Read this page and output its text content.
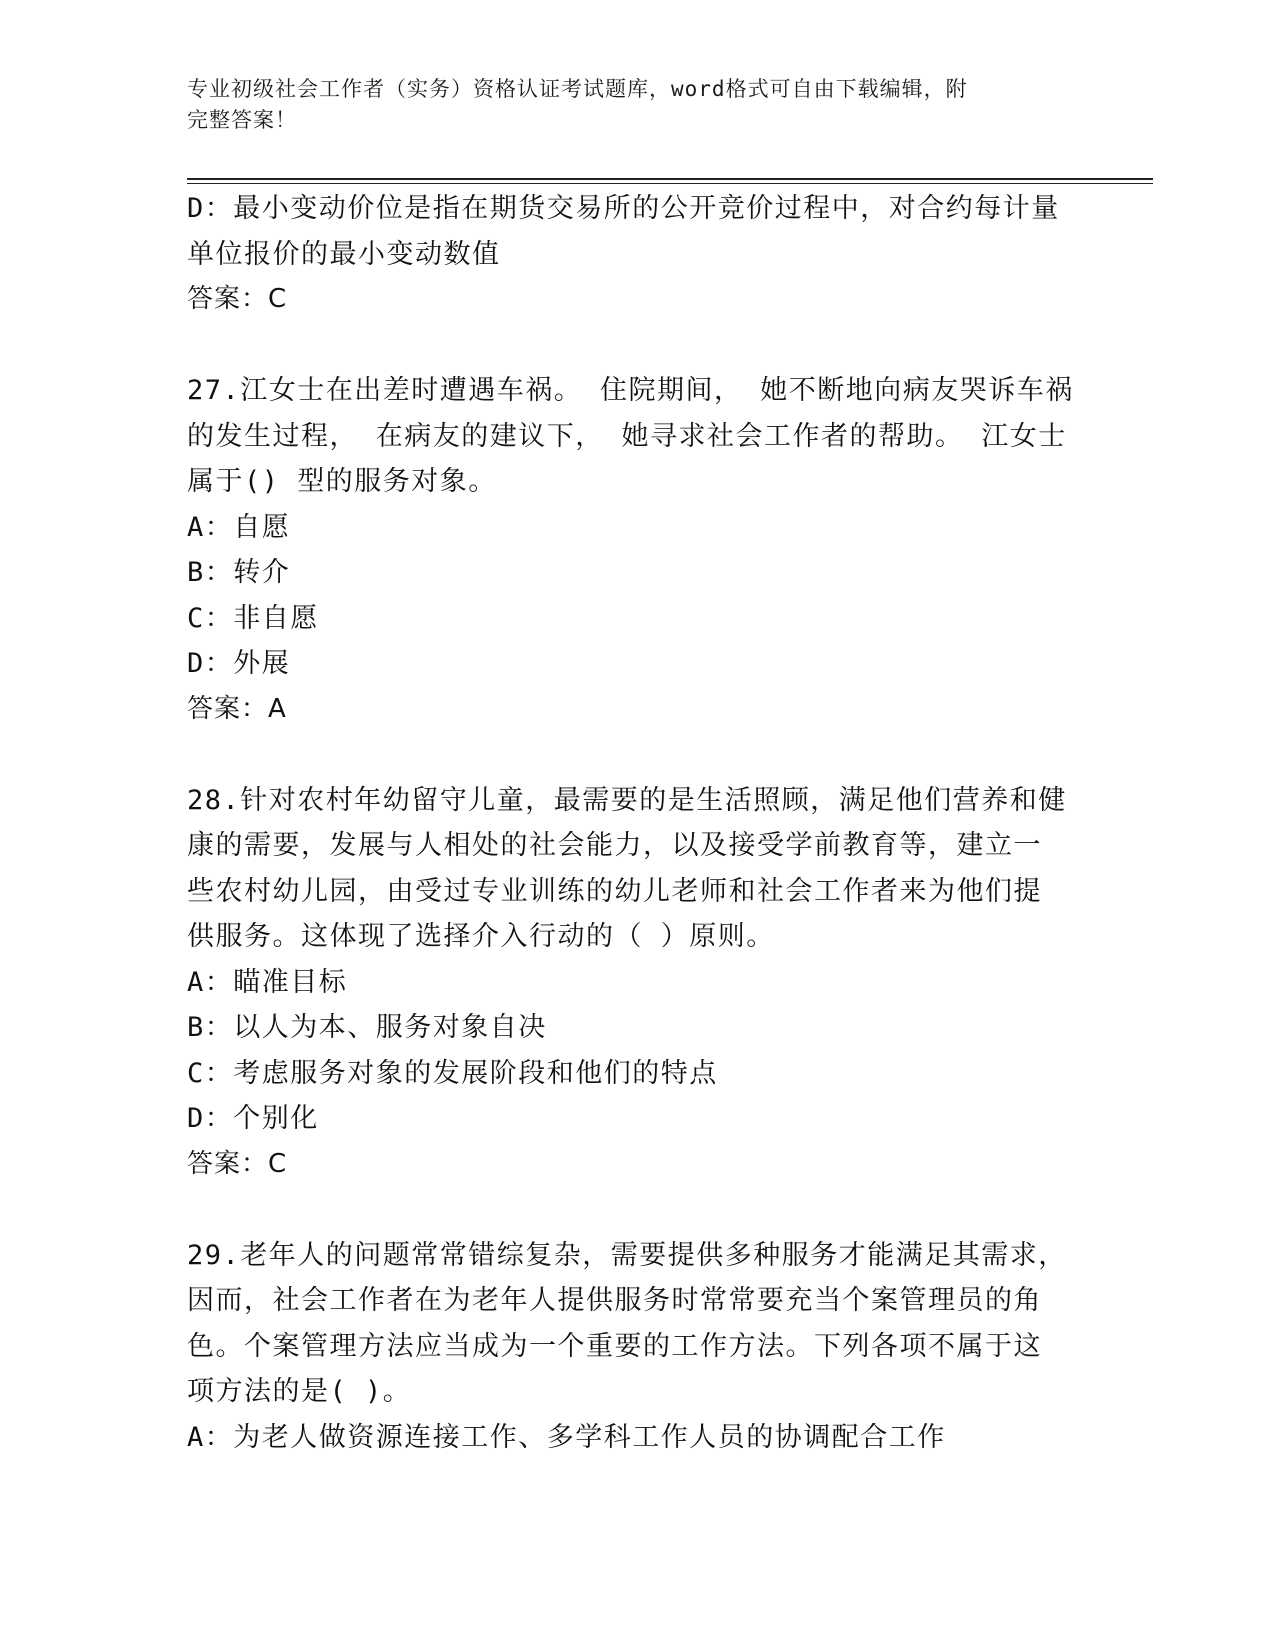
专业初级社会工作者（实务）资格认证考试题库，word格式可自由下载编辑，附
完整答案！
D：最小变动价位是指在期货交易所的公开竞价过程中，对合约每计量
单位报价的最小变动数值
答案：C
27.江女士在出差时遭遇车祸。 住院期间， 她不断地向病友哭诉车祸
的发生过程， 在病友的建议下， 她寻求社会工作者的帮助。 江女士
属于() 型的服务对象。
A：自愿
B：转介
C：非自愿
D：外展
答案：A
28.针对农村年幼留守儿童，最需要的是生活照顾，满足他们营养和健
康的需要，发展与人相处的社会能力，以及接受学前教育等，建立一
些农村幼儿园，由受过专业训练的幼儿老师和社会工作者来为他们提
供服务。这体现了选择介入行动的（ ）原则。
A：瞄准目标
B：以人为本、服务对象自决
C：考虑服务对象的发展阶段和他们的特点
D：个别化
答案：C
29.老年人的问题常常错综复杂，需要提供多种服务才能满足其需求，
因而，社会工作者在为老年人提供服务时常常要充当个案管理员的角
色。个案管理方法应当成为一个重要的工作方法。下列各项不属于这
项方法的是( )。
A：为老人做资源连接工作、多学科工作人员的协调配合工作
